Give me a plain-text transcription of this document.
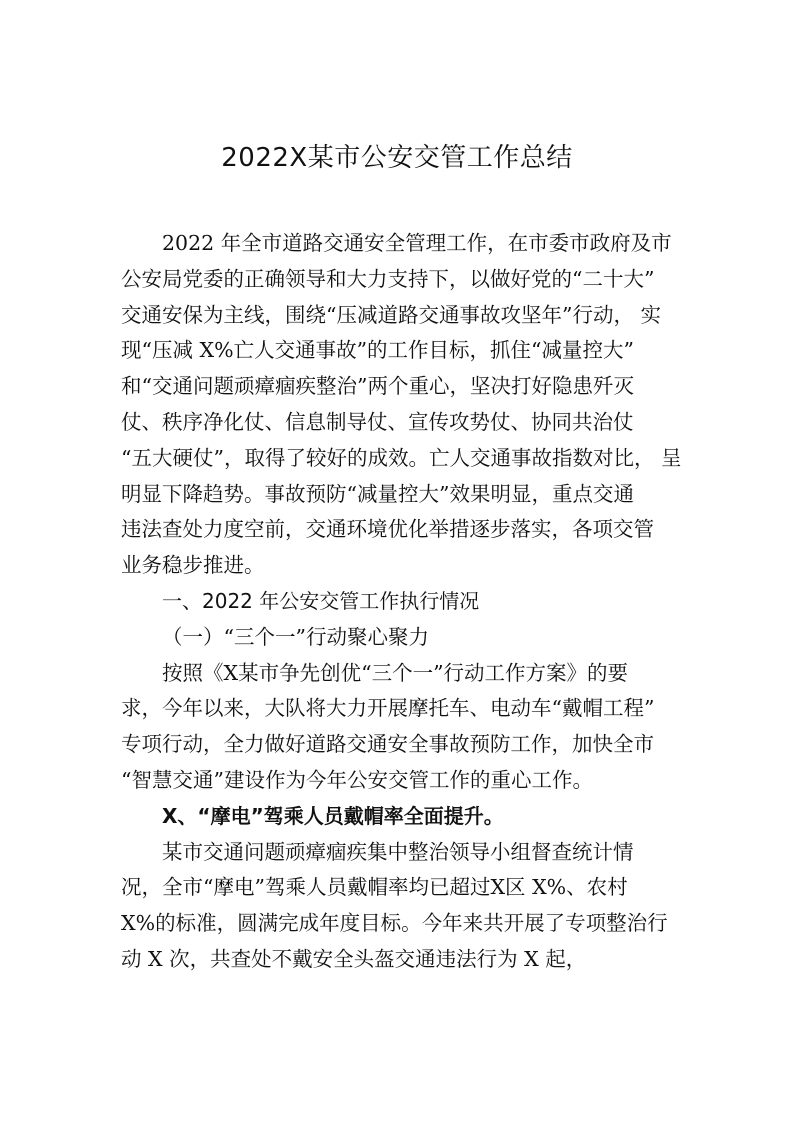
2022X某市公安交管工作总结

2022 年全市道路交通安全管理工作，在市委市政府及市
公安局党委的正确领导和大力支持下，以做好党的“二十大”
交通安保为主线，围绕“压减道路交通事故攻坚年”行动， 实
现“压减 X%亡人交通事故”的工作目标，抓住“减量控大”
和“交通问题顽瘴痼疾整治”两个重心，坚决打好隐患歼灭
仗、秩序净化仗、信息制导仗、宣传攻势仗、协同共治仗
“五大硬仗”，取得了较好的成效。亡人交通事故指数对比， 呈
明显下降趋势。事故预防“减量控大”效果明显，重点交通
违法查处力度空前，交通环境优化举措逐步落实，各项交管
业务稳步推进。

一、2022 年公安交管工作执行情况
（一）“三个一”行动聚心聚力

按照《X某市争先创优“三个一”行动工作方案》的要
求，今年以来，大队将大力开展摩托车、电动车“戴帽工程”
专项行动，全力做好道路交通安全事故预防工作，加快全市
“智慧交通”建设作为今年公安交管工作的重心工作。

X、“摩电”驾乘人员戴帽率全面提升。

某市交通问题顽瘴痼疾集中整治领导小组督查统计情
况，全市“摩电”驾乘人员戴帽率均已超过X区 X%、农村
X%的标准，圆满完成年度目标。今年来共开展了专项整治行
动 X 次，共查处不戴安全头盔交通违法行为 X 起，
